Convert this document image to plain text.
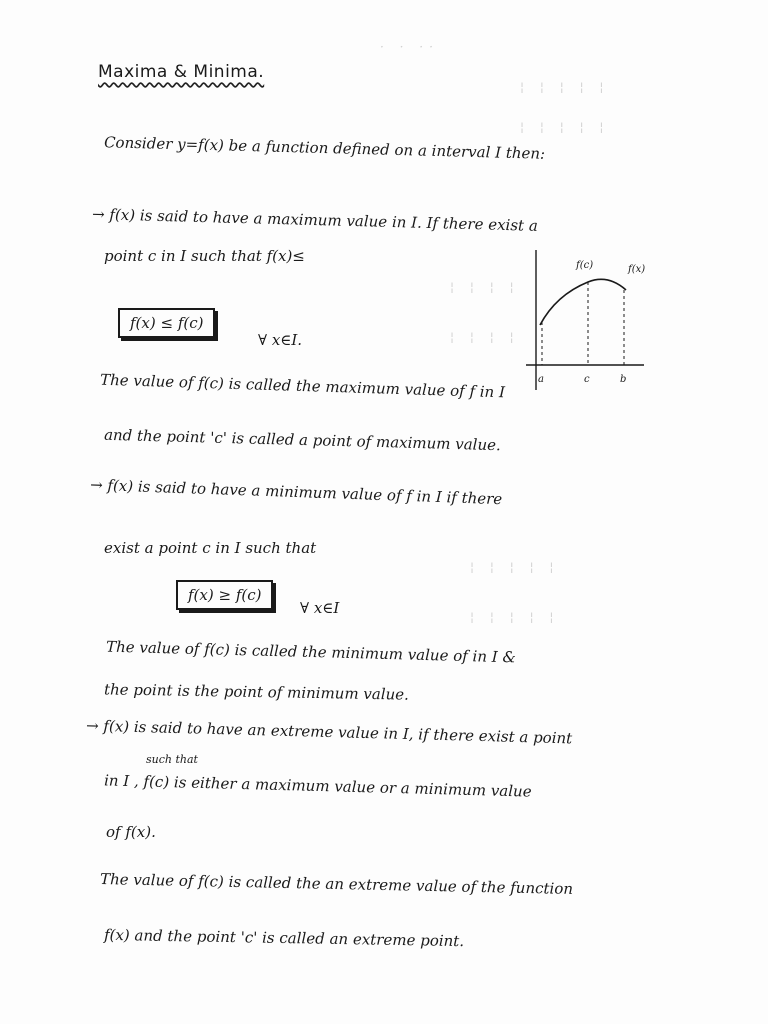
· · ··
¦ ¦ ¦ ¦ ¦
¦ ¦ ¦ ¦ ¦
¦ ¦ ¦ ¦
¦ ¦ ¦ ¦
¦ ¦ ¦ ¦ ¦
¦ ¦ ¦ ¦ ¦
Maxima & Minima.
Consider y=f(x) be a function defined on a interval I then:
→ f(x) is said to have a maximum value in I. If there exist a
point c in I such that f(x)≤
f(x) ≤ f(c)
∀ x∈I.
f(c)	f(x)
a	c	b
The value of f(c) is called the maximum value of f in I
and the point 'c' is called a point of maximum value.
→ f(x) is said to have a minimum value of f in I if there
exist a point c in I such that
f(x) ≥ f(c)
∀ x∈I
The value of f(c) is called the minimum value of in I &
the point is the point of minimum value.
→ f(x) is said to have an extreme value in I, if there exist a point
such that
in I , f(c) is either a maximum value or a minimum value
of f(x).
The value of f(c) is called the an extreme value of the function
f(x) and the point 'c' is called an extreme point.
